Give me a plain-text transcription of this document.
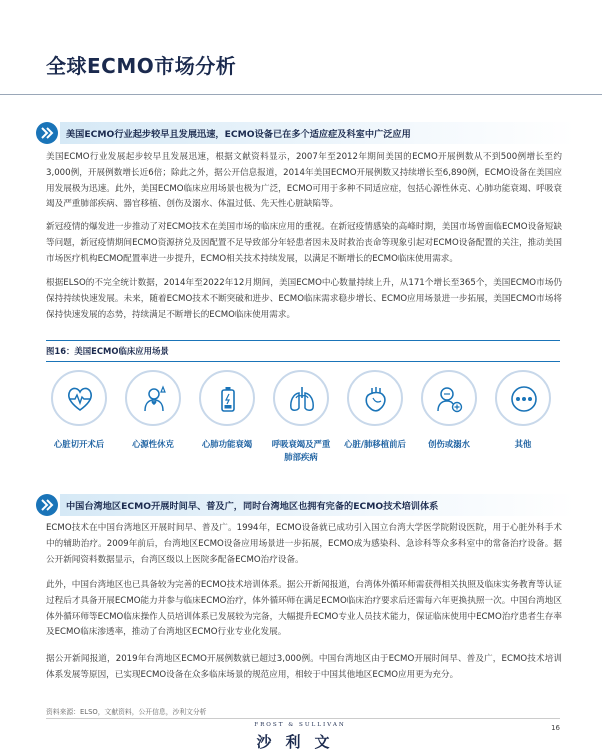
全球ECMO市场分析
美国ECMO行业起步较早且发展迅速，ECMO设备已在多个适应症及科室中广泛应用

美国ECMO行业发展起步较早且发展迅速，根据文献资料显示，2007年至2012年期间美国的ECMO开展例数从不到500例增长至约3,000例，开展例数增长近6倍；除此之外，据公开信息报道，2014年美国ECMO开展例数又持续增长至6,890例，ECMO设备在美国应用发展极为迅速。此外，美国ECMO临床应用场景也极为广泛，ECMO可用于多种不同适应症，包括心源性休克、心肺功能衰竭、呼吸衰竭及严重肺部疾病、器官移植、创伤及溺水、体温过低、先天性心脏缺陷等。

新冠疫情的爆发进一步推动了对ECMO技术在美国市场的临床应用的重视。在新冠疫情感染的高峰时期，美国市场曾面临ECMO设备短缺等问题，新冠疫情期间ECMO资源挤兑及因配置不足导致部分年轻患者因未及时救治丧命等现象引起对ECMO设备配置的关注，推动美国市场医疗机构ECMO配置率进一步提升，ECMO相关技术持续发展，以满足不断增长的ECMO临床使用需求。

根据ELSO的不完全统计数据，2014年至2022年12月期间，美国ECMO中心数量持续上升，从171个增长至365个，美国ECMO市场仍保持持续快速发展。未来，随着ECMO技术不断突破和进步、ECMO临床需求稳步增长、ECMO应用场景进一步拓展，美国ECMO市场将保持快速发展的态势，持续满足不断增长的ECMO临床使用需求。

图16：美国ECMO临床应用场景
心脏切开术后	心源性休克	心肺功能衰竭	呼吸衰竭及严重肺部疾病
心脏/肺移植前后	创伤或溺水	其他
中国台湾地区ECMO开展时间早、普及广，同时台湾地区也拥有完备的ECMO技术培训体系

ECMO技术在中国台湾地区开展时间早、普及广。1994年，ECMO设备就已成功引入国立台湾大学医学院附设医院，用于心脏外科手术中的辅助治疗。2009年前后，台湾地区ECMO设备应用场景进一步拓展，ECMO成为感染科、急诊科等众多科室中的常备治疗设备。据公开新闻资料数据显示，台湾区级以上医院多配备ECMO治疗设备。

此外，中国台湾地区也已具备较为完善的ECMO技术培训体系。据公开新闻报道，台湾体外循环师需获得相关执照及临床实务教育等认证过程后才具备开展ECMO能力并参与临床ECMO治疗，体外循环师在满足ECMO临床治疗要求后还需每六年更换执照一次。中国台湾地区体外循环师等ECMO临床操作人员培训体系已发展较为完备，大幅提升ECMO专业人员技术能力，保证临床使用中ECMO治疗患者生存率及ECMO临床渗透率，推动了台湾地区ECMO行业专业化发展。

据公开新闻报道，2019年台湾地区ECMO开展例数就已超过3,000例。中国台湾地区由于ECMO开展时间早、普及广，ECMO技术培训体系发展等原因，已实现ECMO设备在众多临床场景的规范应用，相较于中国其他地区ECMO应用更为充分。

资料来源：ELSO，文献资料，公开信息，沙利文分析
FROST & SULLIVAN
沙利文
16
